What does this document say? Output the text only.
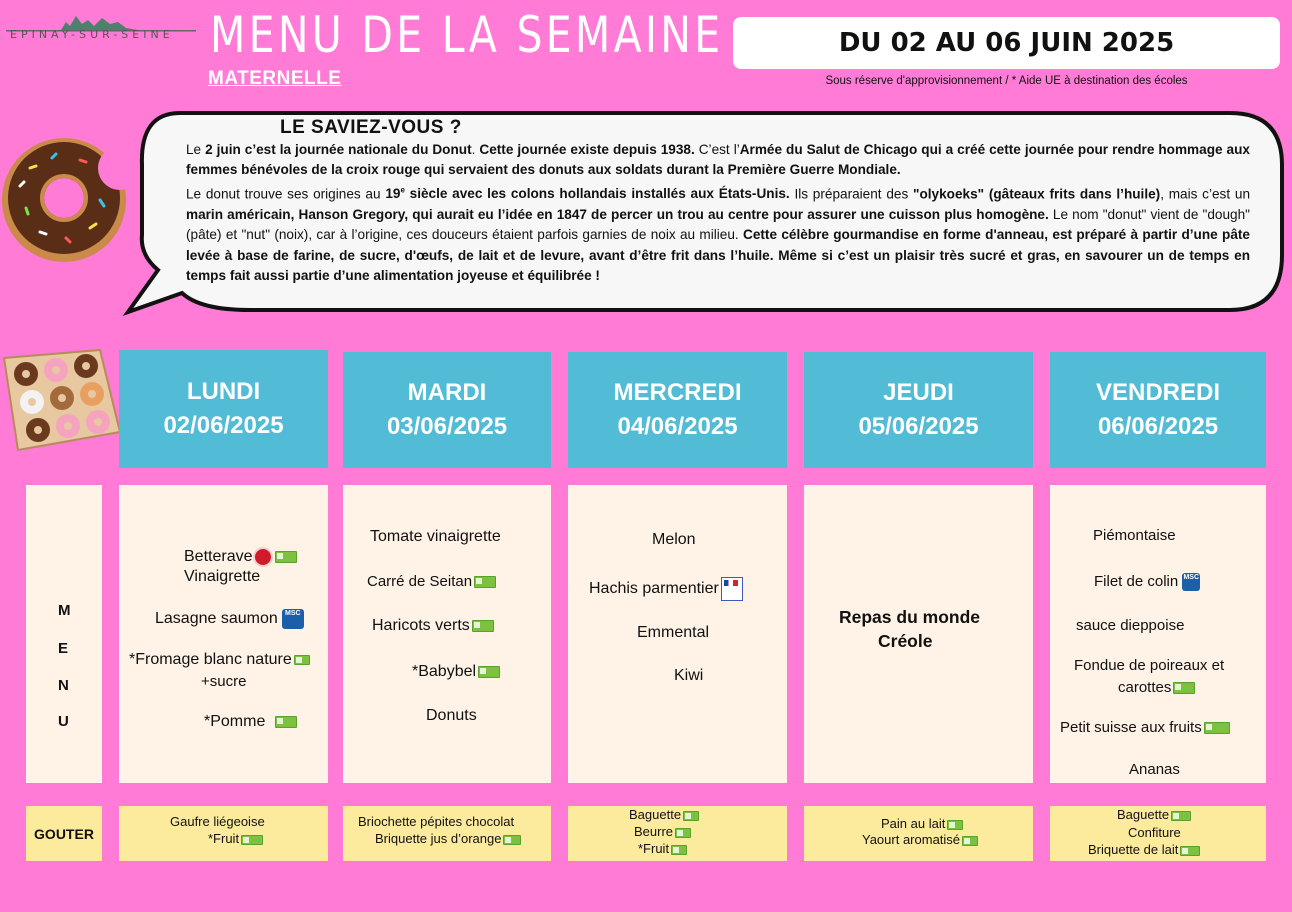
EPINAY-SUR-SEINE MENU DE LA SEMAINE
MATERNELLE
DU 02 AU 06 JUIN 2025
Sous réserve d'approvisionnement / * Aide UE à destination des écoles
LE SAVIEZ-VOUS ?

Le 2 juin c’est la journée nationale du Donut. Cette journée existe depuis 1938. C’est l’Armée du Salut de Chicago qui a créé cette journée pour rendre hommage aux femmes bénévoles de la croix rouge qui servaient des donuts aux soldats durant la Première Guerre Mondiale.

Le donut trouve ses origines au 19e siècle avec les colons hollandais installés aux États-Unis. Ils préparaient des "olykoeks" (gâteaux frits dans l’huile), mais c’est un marin américain, Hanson Gregory, qui aurait eu l’idée en 1847 de percer un trou au centre pour assurer une cuisson plus homogène. Le nom "donut" vient de "dough" (pâte) et "nut" (noix), car à l’origine, ces douceurs étaient parfois garnies de noix au milieu. Cette célèbre gourmandise en forme d'anneau, est préparé à partir d’une pâte levée à base de farine, de sucre, d'œufs, de lait et de levure, avant d’être frit dans l’huile. Même si c’est un plaisir très sucré et gras, en savourer un de temps en temps fait aussi partie d’une alimentation joyeuse et équilibrée !

M
E
N
U
GOUTER
LUNDI
02/06/2025
MARDI
03/06/2025
MERCREDI
04/06/2025
JEUDI
05/06/2025
VENDREDI
06/06/2025
Betterave
Vinaigrette
Lasagne saumon MSC
*Fromage blanc nature
+sucre
*Pomme
Tomate vinaigrette
Carré de Seitan
Haricots verts
*Babybel
Donuts
Melon
Hachis parmentier
Emmental
Kiwi
Repas du monde
Créole
Piémontaise
Filet de colin MSC
sauce dieppoise
Fondue de poireaux et
carottes
Petit suisse aux fruits
Ananas
Gaufre liégeoise
*Fruit
Briochette pépites chocolat
Briquette jus d’orange
Baguette
Beurre
*Fruit
Pain au lait
Yaourt aromatisé
Baguette
Confiture
Briquette de lait
